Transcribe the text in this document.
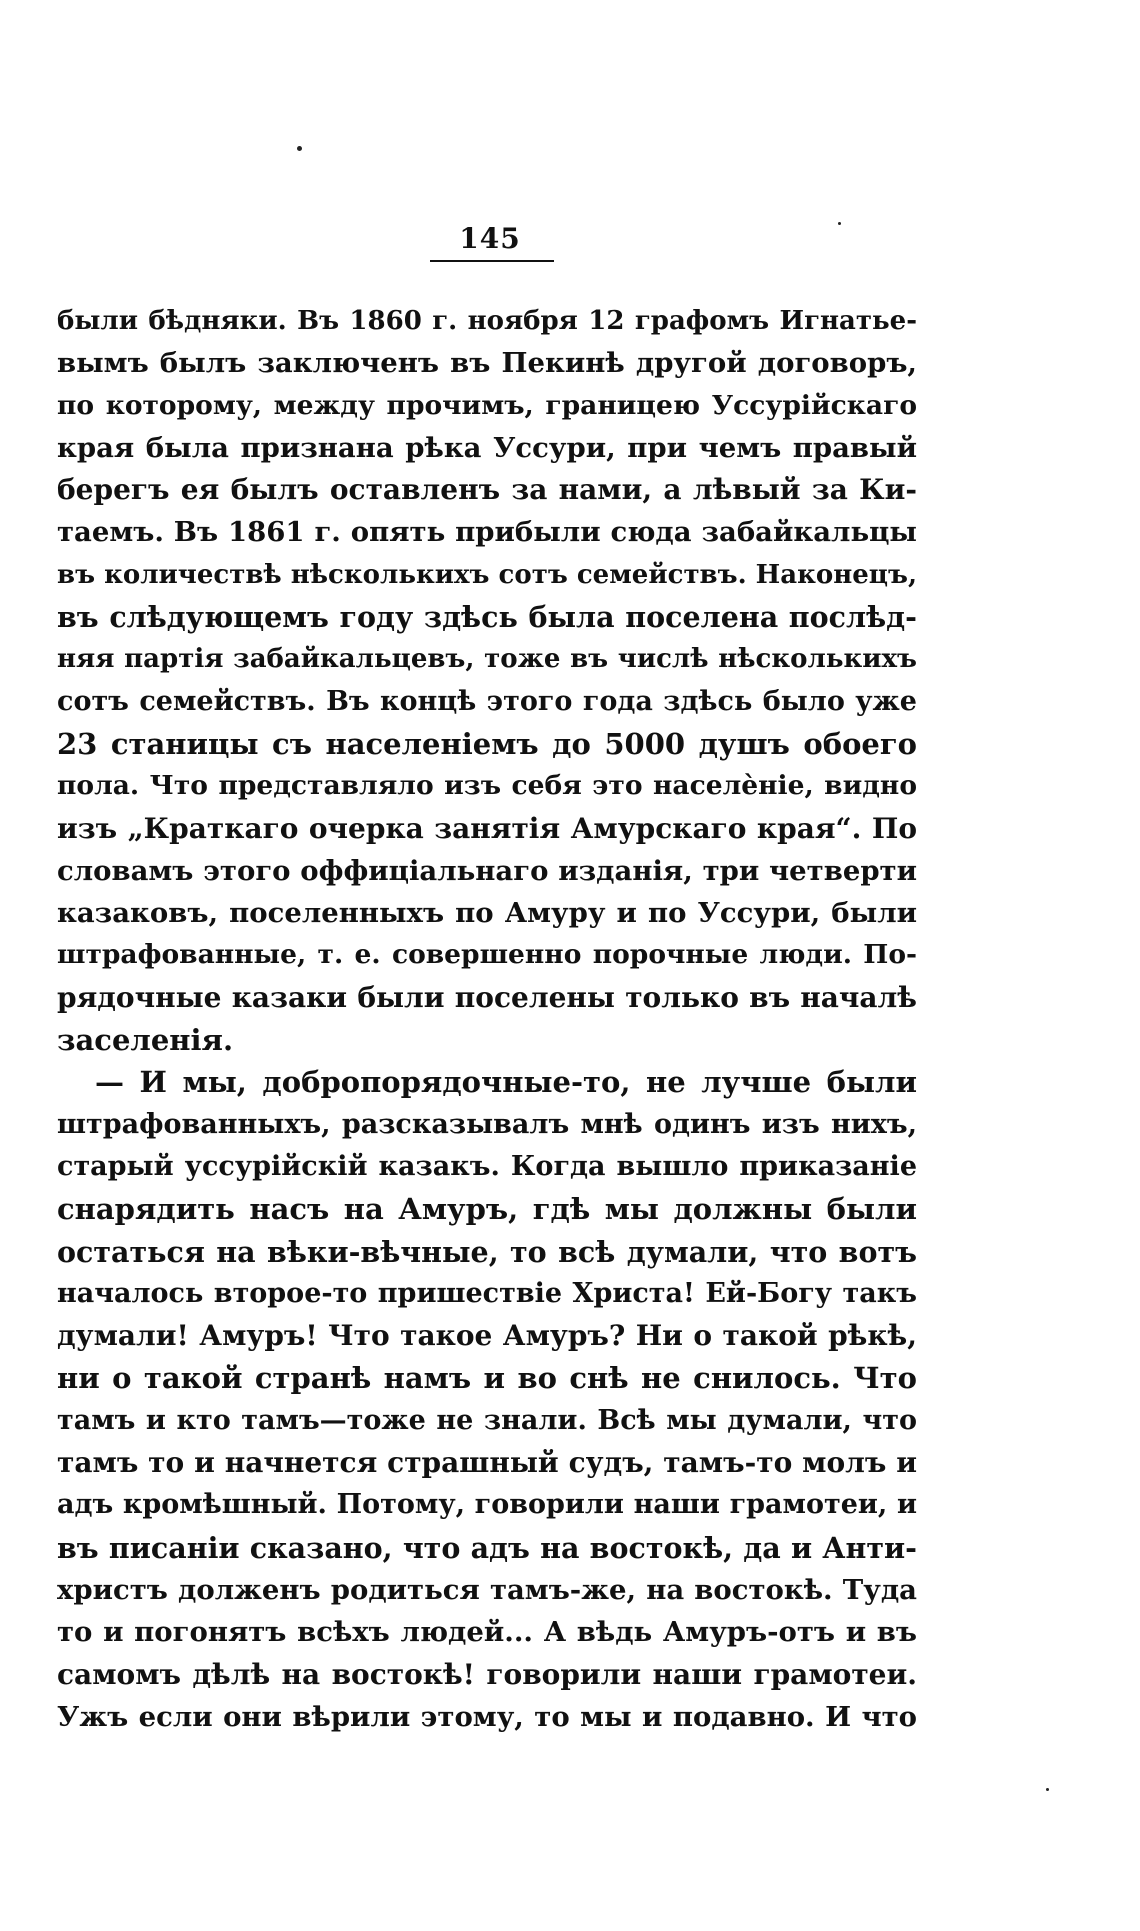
145
были бѣдняки. Въ 1860 г. ноября 12 графомъ Игнатье-
вымъ былъ заключенъ въ Пекинѣ другой договоръ,
по которому, между прочимъ, границею Уссурійскаго
края была признана рѣка Уссури, при чемъ правый
берегъ ея былъ оставленъ за нами, а лѣвый за Ки-
таемъ. Въ 1861 г. опять прибыли сюда забайкальцы
въ количествѣ нѣсколькихъ сотъ семействъ. Наконецъ,
въ слѣдующемъ году здѣсь была поселена послѣд-
няя партія забайкальцевъ, тоже въ числѣ нѣсколькихъ
сотъ семействъ. Въ концѣ этого года здѣсь было уже
23 станицы съ населеніемъ до 5000 душъ обоего
пола. Что представляло изъ себя это населѐніе, видно
изъ „Краткаго очерка занятія Амурскаго края“. По
словамъ этого оффиціальнаго изданія, три четверти
казаковъ, поселенныхъ по Амуру и по Уссури, были
штрафованные, т. е. совершенно порочные люди. По-
рядочные казаки были поселены только въ началѣ
заселенія.
— И мы, добропорядочные-то, не лучше были
штрафованныхъ, разсказывалъ мнѣ одинъ изъ нихъ,
старый уссурійскій казакъ. Когда вышло приказаніе
снарядить насъ на Амуръ, гдѣ мы должны были
остаться на вѣки-вѣчные, то всѣ думали, что вотъ
началось второе-то пришествіе Христа! Ей-Богу такъ
думали! Амуръ! Что такое Амуръ? Ни о такой рѣкѣ,
ни о такой странѣ намъ и во снѣ не снилось. Что
тамъ и кто тамъ—тоже не знали. Всѣ мы думали, что
тамъ то и начнется страшный судъ, тамъ-то молъ и
адъ кромѣшный. Потому, говорили наши грамотеи, и
въ писаніи сказано, что адъ на востокѣ, да и Анти-
христъ долженъ родиться тамъ-же, на востокѣ. Туда
то и погонятъ всѣхъ людей... А вѣдь Амуръ-отъ и въ
самомъ дѣлѣ на востокѣ! говорили наши грамотеи.
Ужъ если они вѣрили этому, то мы и подавно. И что
